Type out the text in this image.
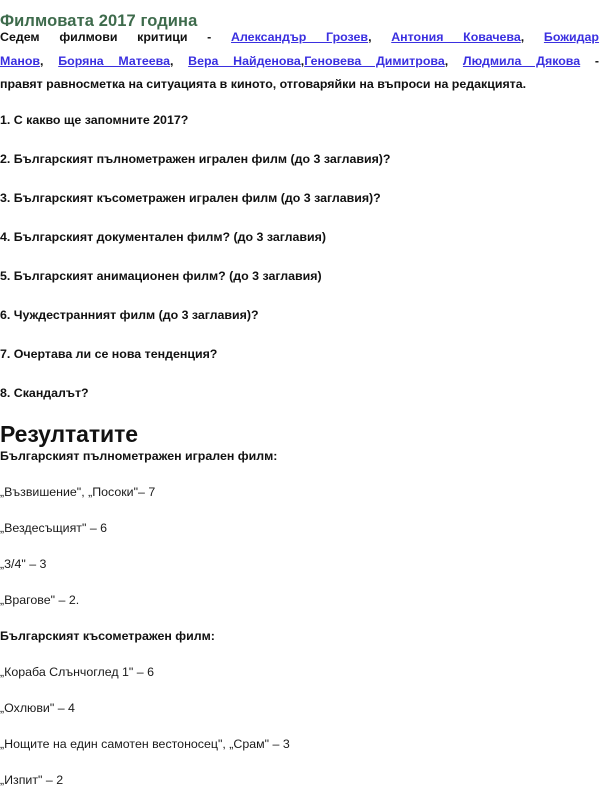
Филмовата 2017 година
Седем филмови критици - Александър Грозев, Антония Ковачева, Божидар
Манов, Боряна Матеева, Вера Найденова,Геновева Димитрова, Людмила Дякова -
правят равносметка на ситуацията в киното, отговаряйки на въпроси на редакцията.
1. С какво ще запомните 2017?
2. Българският пълнометражен игрален филм (до 3 заглавия)?
3. Българският късометражен игрален филм (до 3 заглавия)?
4. Българският документален филм? (до 3 заглавия)
5. Българският анимационен филм? (до 3 заглавия)
6. Чуждестранният филм (до 3 заглавия)?
7. Очертава ли се нова тенденция?
8. Скандалът?
Резултатите
Българският пълнометражен игрален филм:
„Възвишение", „Посоки"– 7
„Вездесъщият" – 6
„3/4" – 3
„Врагове" – 2.
Българският късометражен филм:
„Кораба Слънчоглед 1" – 6
„Охлюви" – 4
„Нощите на един самотен вестоносец", „Срам" – 3
„Изпит" – 2
